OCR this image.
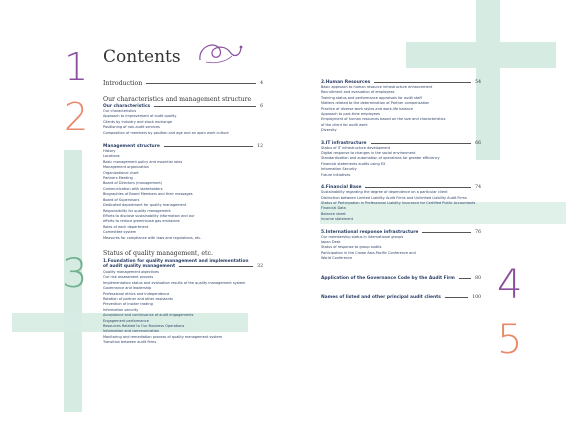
1
2
3	4
5
Contents
Introduction	4
Our characteristics and management structure
Our characteristics	6
Our characteristics
Approach to improvement of audit quality
Clients by industry and stock exchange
Positioning of non-audit services
Composition of members by position and age and an open work culture
Management structure	12
History
Locations
Basic management policy and essential roles
Management organization
Organizational chart
Partners Meeting
Board of Directors (management)
Communication with stakeholders
Biographies of Board Members and their messages
Board of Supervisors
Dedicated department for quality management
Responsibility for quality management
Efforts to disclose sustainability information and our
efforts to reduce greenhouse gas emissions
Roles of each department
Committee system
Measures for compliance with laws and regulations, etc.
Status of quality management, etc.
1.Foundation for quality management and implementation
of audit quality management	32
Quality management objectives
Our risk assessment process
Implementation status and evaluation results of the quality management system
Governance and leadership
Professional ethics and independence
Rotation of partner and other assistants
Prevention of insider trading
Information security
Acceptance and continuance of audit engagements
Engagement performance
Resources Related to Our Business Operations
Information and communication
Monitoring and remediation process of quality management system
Transition between audit firms
2.Human Resources	54
Basic approach to human resource infrastructure enhancement
Recruitment and evaluation of employees
Training status and performance appraisals for audit staff
Matters related to the determination of Partner compensation
Practice of diverse work styles and work-life balance
Approach to part-time employees
Employment of human resources based on the size and characteristics
of the client for audit work
Diversity
3.IT infrastructure	66
Status of IT infrastructure development
Digital response to changes in the social environment
Standardization and automation of operations for greater efficiency
Financial statements audits using EX
Information Security
Future initiatives
4.Financial Base	74
Sustainability regarding the degree of dependence on a particular client
Distinction between Limited Liability Audit Firms and Unlimited Liability Audit Firms
Status of Participation in Professional Liability Insurance for Certified Public Accountants
Financial Data
Balance sheet
Income statement
5.International response infrastructure	76
Our membership status in international groups
Japan Desk
Status of response to group audits
Participation in the Crowe Asia-Pacific Conference and
World Conference
Application of the Governance Code by the Audit Firm	80
Names of listed and other principal audit clients	100
